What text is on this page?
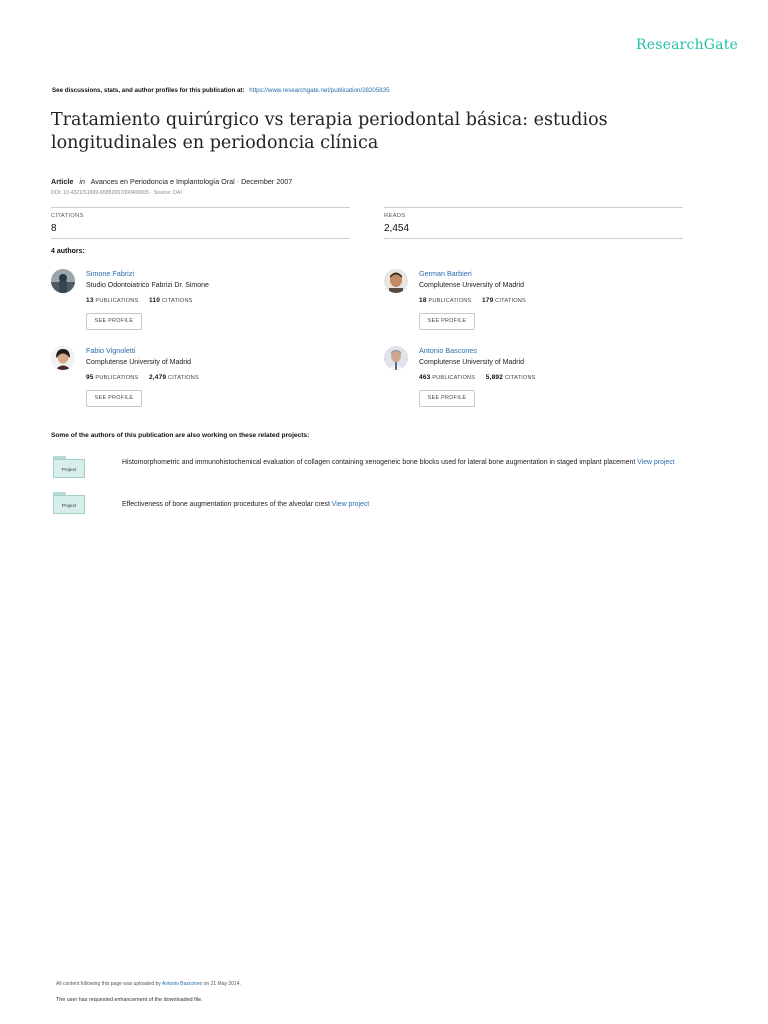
ResearchGate
See discussions, stats, and author profiles for this publication at: https://www.researchgate.net/publication/28205835
Tratamiento quirúrgico vs terapia periodontal básica: estudios longitudinales en periodoncia clínica
Article in Avances en Periodoncia e Implantología Oral · December 2007
DOI: 10.4321/S1699-65852007000400005 · Source: OAI
CITATIONS
8
READS
2,454
4 authors:
Simone Fabrizi
Studio Odontoiatrico Fabrizi Dr. Simone
13 PUBLICATIONS 110 CITATIONS
SEE PROFILE
German Barbieri
Complutense University of Madrid
18 PUBLICATIONS 179 CITATIONS
SEE PROFILE
Fabio Vignoletti
Complutense University of Madrid
95 PUBLICATIONS 2,479 CITATIONS
SEE PROFILE
Antonio Bascones
Complutense University of Madrid
463 PUBLICATIONS 5,892 CITATIONS
SEE PROFILE
Some of the authors of this publication are also working on these related projects:
Project
Histomorphometric and immunohistochemical evaluation of collagen containing xenogeneic bone blocks used for lateral bone augmentation in staged implant placement View project
Project	Effectiveness of bone augmentation procedures of the alveolar crest View project
All content following this page was uploaded by Antonio Bascones on 21 May 2014.
The user has requested enhancement of the downloaded file.
